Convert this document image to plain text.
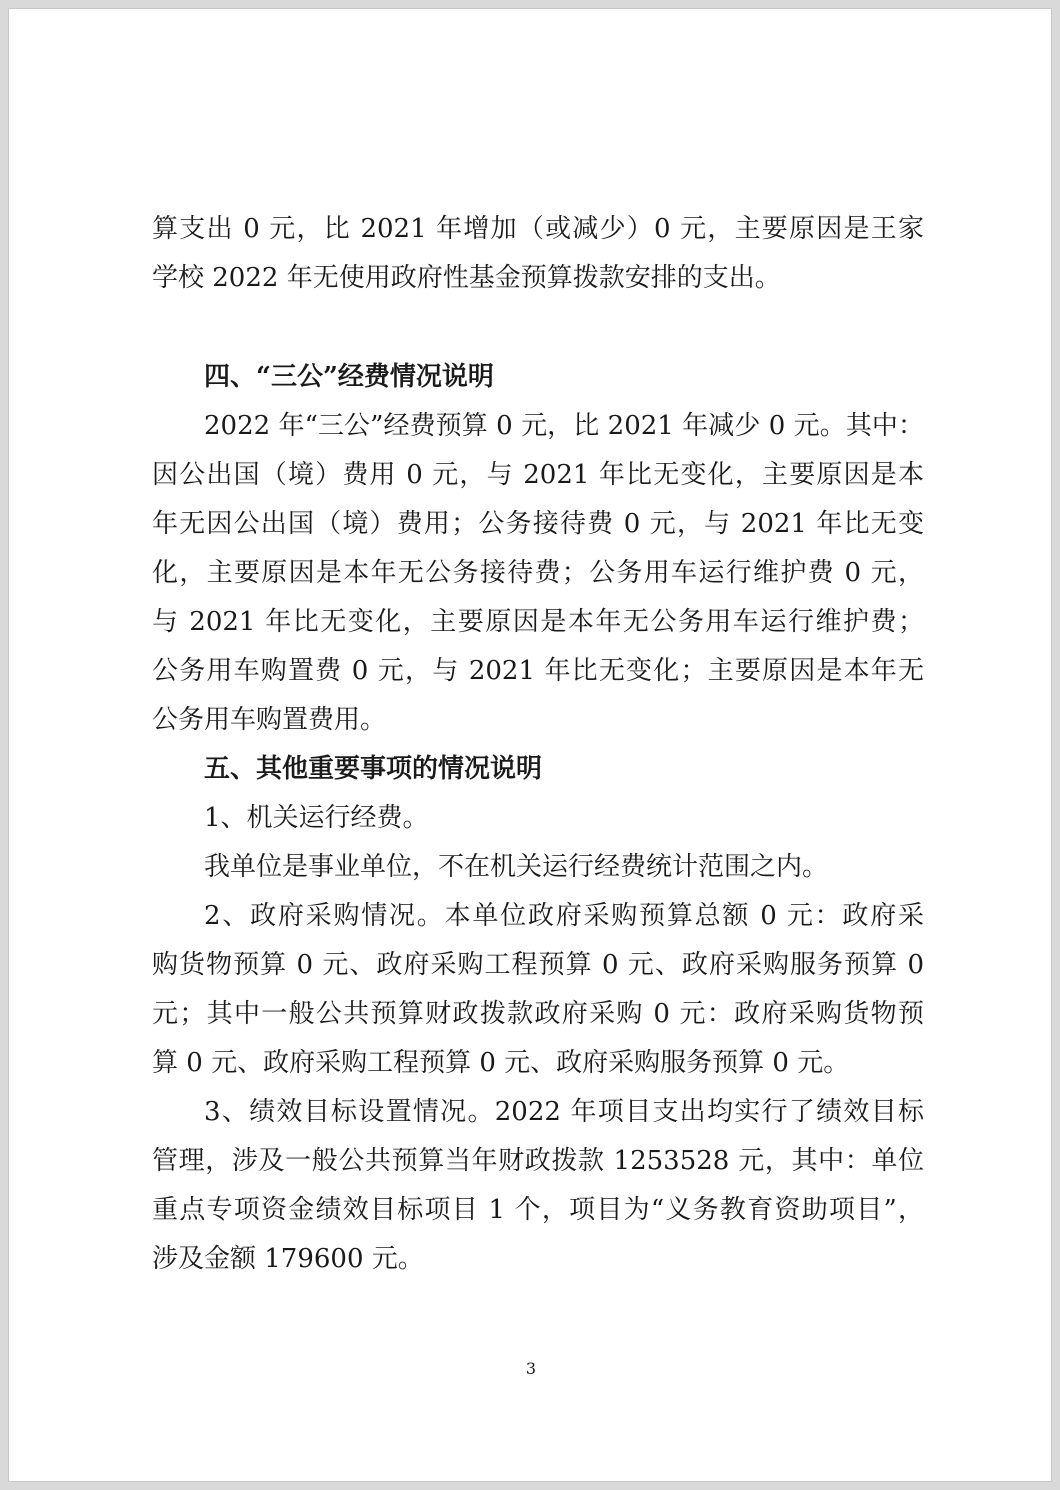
算支出 0 元，比 2021 年增加（或减少）0 元，主要原因是王家
学校 2022 年无使用政府性基金预算拨款安排的支出。
四、“三公”经费情况说明
2022 年“三公”经费预算 0 元，比 2021 年减少 0 元。其中：
因公出国（境）费用 0 元，与 2021 年比无变化，主要原因是本
年无因公出国（境）费用；公务接待费 0 元，与 2021 年比无变
化，主要原因是本年无公务接待费；公务用车运行维护费 0 元，
与 2021 年比无变化，主要原因是本年无公务用车运行维护费；
公务用车购置费 0 元，与 2021 年比无变化；主要原因是本年无
公务用车购置费用。
五、其他重要事项的情况说明
1、机关运行经费。
我单位是事业单位，不在机关运行经费统计范围之内。
2、政府采购情况。本单位政府采购预算总额 0 元：政府采
购货物预算 0 元、政府采购工程预算 0 元、政府采购服务预算 0
元；其中一般公共预算财政拨款政府采购 0 元：政府采购货物预
算 0 元、政府采购工程预算 0 元、政府采购服务预算 0 元。
3、绩效目标设置情况。2022 年项目支出均实行了绩效目标
管理，涉及一般公共预算当年财政拨款 1253528 元，其中：单位
重点专项资金绩效目标项目 1 个，项目为“义务教育资助项目”，
涉及金额 179600 元。
3
